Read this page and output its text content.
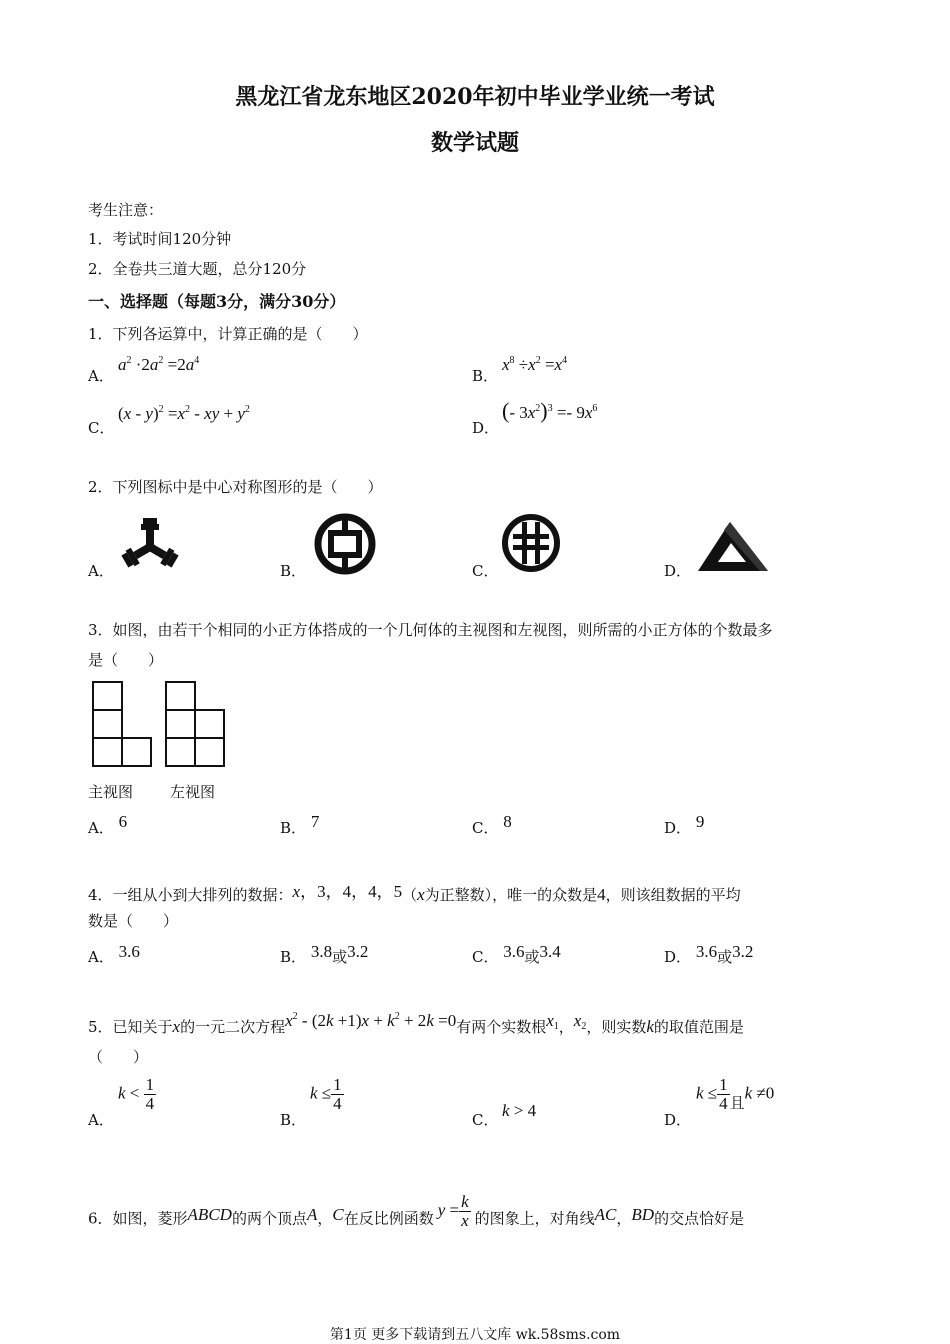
黑龙江省龙东地区2020年初中毕业学业统一考试
数学试题
考生注意：
1．考试时间120分钟
2．全卷共三道大题，总分120分
一、选择题（每题3分，满分30分）
1．下列各运算中，计算正确的是（　　）
A．
$a^2 \cdot 2a^2 =2a^4$
B．
$x^8 \div x^2 =x^4$
C．
$(x - y)^2 =x^2$ - xy + $y^2$
D．
(- $3x^2)^3 =- 9x^6$
2．下列图标中是中心对称图形的是（　　）
A．	B．	C．	D．
3．如图，由若干个相同的小正方体搭成的一个几何体的主视图和左视图，则所需的小正方体的个数最多
是（　　）
主视图 左视图
A． 6	B． 7	C． 8	D． 9
4．一组从小到大排列的数据：x，3，4，4，5（x为正整数），唯一的众数是4，则该组数据的平均
数是（　　）
A． 3.6	B． 3.8或3.2	C． 3.6或3.4	D． 3.6或3.2
5．已知关于x的一元二次方程$x^2 - (2k +1)x + k^2 + 2k =0$有两个实数根$x_1$，$x_2$，则实数k的取值范围是
（　　）
A．
$k < \frac{1}{4}$
B．
$k \le \frac{1}{4}$
C． k > 4	D．
$k \le \frac{1}{4}$ 且k ≠0
6．如图，菱形ABCD的两个顶点A，C在反比例函数 $y = \frac{k}{x}$ 的图象上，对角线AC，BD的交点恰好是
第1页 更多下载请到五八文库 wk.58sms.com
